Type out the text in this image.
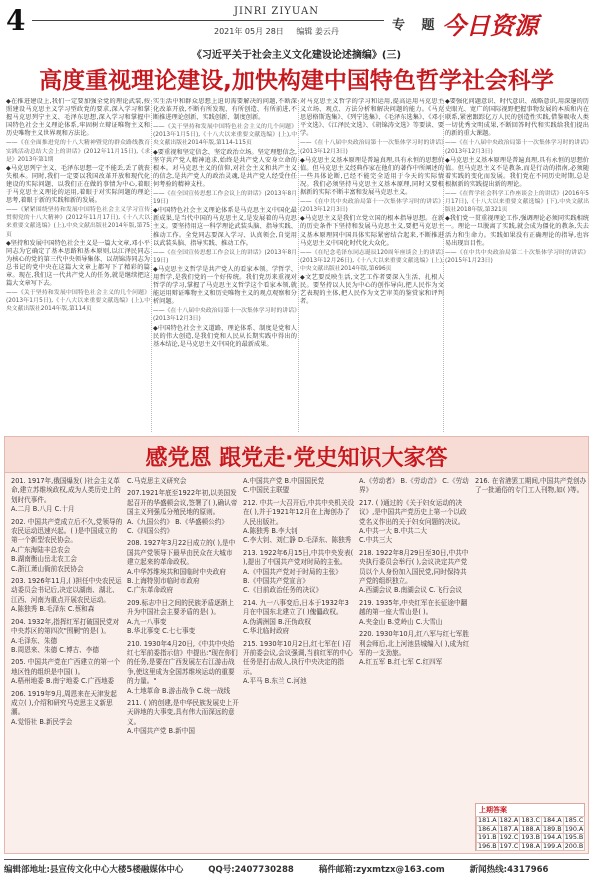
4	JINRI ZIYUAN
2021年 05月 28日 编辑 姜云丹	专 题 今日资源
《习近平关于社会主义文化建设论述摘编》(三)
高度重视理论建设,加快构建中国特色哲学社会科学

◆在推进建设上,我们一定要加强全党的理论武装,按照建设马克思主义学习型政党的要求,深入学习和掌握马克思列宁主义、毛泽东思想,深入学习和掌握中国特色社会主义理论体系,牢固树立辩证唯物主义和历史唯物主义世界观和方法论。

——《在全面推进党的十八大精神暨党的群众路线教育实践活动总结大会上的讲话》(2012年11月15日),《求是》2013年第1期

◆马克思列宁主义、毛泽东思想一定不能丢,丢了就丧失根本。同时,我们一定要以我国改革开放和现代化建设的实际问题、以我们正在做的事情为中心,着眼于马克思主义理论的运用,着眼于对实际问题的理论思考,着眼于新的实践和新的发展。

——《紧紧围绕坚持和发展中国特色社会主义学习宣传贯彻党的十八大精神》(2012年11月17日),《十八大以来重要文献选编》(上),中央文献出版社2014年版,第75页

◆坚持和发展中国特色社会主义是一篇大文章,邓小平同志为它确定了基本思路和基本原则,以江泽民同志为核心的党的第三代中央领导集体、以胡锦涛同志为总书记的党中央在这篇大文章上都写下了精彩的篇章。现在,我们这一代共产党人的任务,就是继续把这篇大文章写下去。

——《关于坚持和发展中国特色社会主义的几个问题》(2013年1月5日),《十八大以来重要文献选编》(上),中央文献出版社2014年版,第114页

实生活中和群众思想上迫切需要解决的问题,不断深化改革开放,不断有所发现、有所创造、有所前进,不断推进理论创新、实践创新、制度创新。

——《关于坚持和发展中国特色社会主义的几个问题》(2013年1月5日),《十八大以来重要文献选编》(上),中央文献出版社2014年版,第114-115页

◆要重视和坚定信念、坚定政治立场。坚定理想信念,坚守共产党人精神追求,始终是共产党人安身立命的根本。对马克思主义的信仰,对社会主义和共产主义的信念,是共产党人的政治灵魂,是共产党人经受住任何考验的精神支柱。

——《在全国宣传思想工作会议上的讲话》(2013年8月19日)

◆中国特色社会主义理论体系是马克思主义中国化最新成果,是当代中国的马克思主义,是发展着的马克思主义。要坚持用这一科学理论武装头脑、指导实践、推动工作。全党同志要深入学习、认真领会,自觉用以武装头脑、指导实践、推动工作。

——《在全国宣传思想工作会议上的讲话》(2013年8月19日)

◆马克思主义哲学是共产党人的看家本领。学哲学、用哲学,是我们党的一个好传统。我们党历来重视对哲学的学习,掌握了马克思主义哲学这个看家本领,就能运用辩证唯物主义和历史唯物主义的观点观察和分析问题。

——《在十八届中央政治局第十一次集体学习时的讲话》(2013年12月3日)

◆中国特色社会主义道路、理论体系、制度是党和人民的伟大创造,是我们党和人民从长期实践中得出的基本结论,是马克思主义中国化的最新成果。

对马克思主义哲学的学习和运用,提高运用马克思主义立场、观点、方法分析和解决问题的能力。《马克思恩格斯选集》、《列宁选集》、《毛泽东选集》、《邓小平文选》、《江泽民文选》、《胡锦涛文选》等要读、要学。

——《在十八届中央政治局第十一次集体学习时的讲话》(2013年12月3日)

◆马克思主义基本原理是普遍真理,具有永恒的思想价值。但马克思主义经典作家在他们的著作中所阐述的一些具体论断,已经不能完全适用于今天的实际情况。我们必须坚持马克思主义基本原理,同时又要根据新的实际不断丰富和发展马克思主义。

——《在中共中央政治局第十一次集体学习时的讲话》(2013年12月3日)

◆马克思主义是我们立党立国的根本指导思想。在新的历史条件下坚持和发展马克思主义,要把马克思主义基本原理同中国具体实际紧密结合起来,不断推进马克思主义中国化时代化大众化。

——《在纪念毛泽东同志诞辰120周年座谈会上的讲话》(2013年12月26日),《十八大以来重要文献选编》(上),中央文献出版社2014年版,第696页

◆文艺要反映生活,文艺工作者要深入生活、扎根人民。要坚持以人民为中心的创作导向,把人民作为文艺表现的主体,把人民作为文艺审美的鉴赏家和评判者。

◆要强化问题意识、时代意识、战略意识,用深邃的历史眼光、宽广的国际视野把握事物发展的本质和内在联系,紧密跟踪亿万人民的创造性实践,借鉴吸收人类一切优秀文明成果,不断回答时代和实践给我们提出的新的重大课题。

——《在十八届中央政治局第十一次集体学习时的讲话》(2013年12月3日)

◆马克思主义基本原理是普遍真理,具有永恒的思想价值。但马克思主义不是教条,而是行动的指南,必须随着实践的变化而发展。我们党在不同历史时期,总是根据新的实践提出新的理论。

——《在哲学社会科学工作座谈会上的讲话》(2016年5月17日),《十八大以来重要文献选编》(下),中央文献出版社2018年版,第321页

◆我们党一贯重视理论工作,强调理论必须同实践相统一。理论一旦脱离了实践,就会成为僵化的教条,失去活力和生命力。实践如果没有正确理论的指导,也容易出现盲目性。

——《在中共中央政治局第二十次集体学习时的讲话》(2015年1月23日)

感党恩 跟党走·党史知识大家答
201. 1917年,俄国爆发( )社会主义革命,建立苏维埃政权,成为人类历史上的划时代事件。
A.二月 B.八月 C.十月
202. 中国共产党成立后不久,党领导的农民运动迅速兴起。( )是中国成立的第一个新型农民协会。
A.广东海陆丰总农会
B.湖南衡山岳北农工会
C.浙江萧山衙前农民协会
203. 1926年11月,( )担任中央农民运动委员会书记后,决定以湖南、湖北、江西、河南为重点开展农民运动。
A.陈独秀 B.毛泽东 C.蔡和森
204. 1932年,指挥红军打破国民党对中央苏区的第四次"围剿"的是( )。
A.毛泽东、朱德
B.周恩来、朱德 C.博古、李德
205. 中国共产党在广西建立的第一个地区性的组织是中国( )。
A.梧州地委 B.南宁地委 C.广西地委
206. 1919年9月,周恩来在天津发起成立( ),介绍和研究马克思主义新思潮。
A.觉悟社 B.新民学会
C.马克思主义研究会
207.1921年底至1922年初,以美国发起召开的华盛顿会议,签署了( ),确认帝国主义列强瓜分殖民地的原则。
A.《九国公约》 B.《华盛顿公约》
C.《四国公约》
208. 1927年3月22日成立的( ),是中国共产党领导下最早由民众在大城市建立起来的革命政权。
A.中华苏维埃共和国临时中央政府
B.上海特别市临时市政府
C.广东革命政府
209.标志中日之间的民族矛盾逐渐上升为中国社会主要矛盾的是( )。
A.九一八事变
B.华北事变 C.七七事变
210. 1930年4月20日,《中共中央给红七军前委指示信》中提出:"现在你们的任务,是要在广西发展左右江游击战争,使这里成为全国苏维埃运动的重要的力量。"
A.土地革命 B.游击战争 C.统一战线
211. ( )的创建,是中华民族发展史上开天辟地的大事变,具有伟大而深远的意义。
A.中国共产党 B.新中国
A.中国共产党 B.中国国民党
C.中国民主联盟
212. 中共一大召开后,中共中央机关设在( ),并于1921年12月在上海创办了人民出版社。
A.陈独秀 B.李大钊
C.李大钊、刘仁静 D.毛泽东、陈独秀
213. 1922年6月15日,中共中央发表( ),提出了中国共产党对时局的主张。
A.《中国共产党对于时局的主张》
B.《中国共产党宣言》
C.《目前政治任务的决议》
214. 九一八事变后,日本于1932年3月在中国东北建立了( )傀儡政权。
A.伪满洲国 B.汪伪政权
C.华北临时政府
215. 1930年10月2日,红七军在( )召开前委会议,会议强调,当前红军的中心任务是打击敌人,执行中央决定的指示。
A.平马 B.东兰 C.河池
A.《劳动者》 B.《劳动音》 C.《劳动界》
217. ( )通过的《关于妇女运动的决议》,是中国共产党历史上第一个以政党名义作出的关于妇女问题的决议。
A.中共一大 B.中共二大
C.中共三大
218. 1922年8月29日至30日,中共中央执行委员会举行( ),会议决定共产党员以个人身份加入国民党,同时保持共产党的组织独立。
A.西湖会议 B.南湖会议 C.飞行会议
219. 1935年,中央红军在长征途中翻越的第一座大雪山是( )。
A.夹金山 B.党岭山 C.大雪山
220. 1930年10月,红八军与红七军胜利会师后,北上河池县城编入( ),成为红军的一支劲旅。
A.红五军 B.红七军 C.红四军
216. 在省港罢工期间,中国共产党创办了一批通俗的专门工人刊物,如( )等。
上期答案
181.A	182.A	183.C	184.A	185.C
186.A	187.A	188.A	189.B	190.A
191.B	192.C	193.B	194.A	195.B
196.B	197.C	198.A	199.A	200.B
编辑部地址:县宣传文化中心大楼5楼融媒体中心	QQ号:2407730288	稿件邮箱:zyxmtzx@163.com	新闻热线:4317966
